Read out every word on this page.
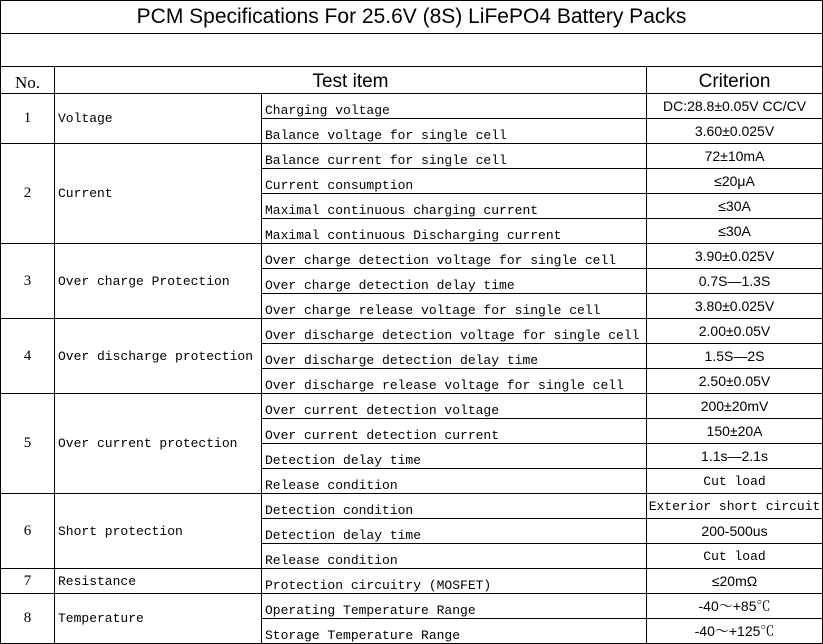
PCM Specifications For 25.6V (8S) LiFePO4 Battery Packs			

No.	Test item		Criterion
1	Voltage	Charging voltage	DC:28.8±0.05V CC/CV
		Balance voltage for single cell	3.60±0.025V
2	Current	Balance current for single cell	72±10mA
		Current consumption	≤20μA
		Maximal continuous charging current	≤30A
		Maximal continuous Discharging current	≤30A
3	Over charge Protection	Over charge detection voltage for single cell	3.90±0.025V
		Over charge detection delay time	0.7S—1.3S
		Over charge release voltage for single cell	3.80±0.025V
4	Over discharge protection	Over discharge detection voltage for single cell	2.00±0.05V
		Over discharge detection delay time	1.5S—2S
		Over discharge release voltage for single cell	2.50±0.05V
5	Over current protection	Over current detection voltage	200±20mV
		Over current detection current	150±20A
		Detection delay time	1.1s—2.1s
		Release condition	Cut load
6	Short protection	Detection condition	Exterior short circuit
		Detection delay time	200-500us
		Release condition	Cut load
7	Resistance	Protection circuitry (MOSFET)	≤20mΩ
8	Temperature	Operating Temperature Range	-40～+85℃
		Storage Temperature Range	-40～+125℃
